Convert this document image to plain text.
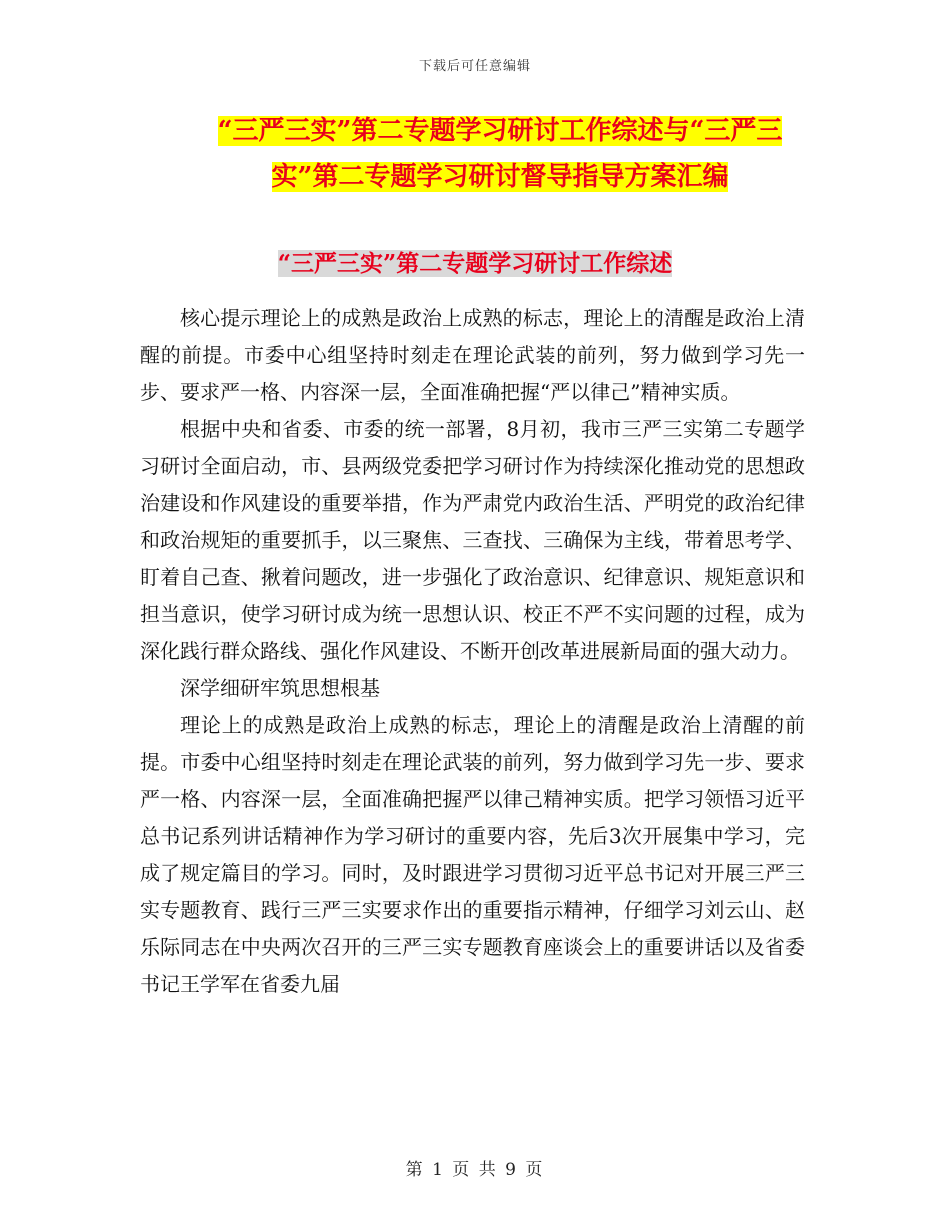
下载后可任意编辑
“三严三实”第二专题学习研讨工作综述与“三严三
实”第二专题学习研讨督导指导方案汇编
“三严三实”第二专题学习研讨工作综述

核心提示理论上的成熟是政治上成熟的标志，理论上的清醒是政治上清醒的前提。市委中心组坚持时刻走在理论武装的前列，努力做到学习先一步、要求严一格、内容深一层，全面准确把握“严以律己”精神实质。

根据中央和省委、市委的统一部署，8月初，我市三严三实第二专题学习研讨全面启动，市、县两级党委把学习研讨作为持续深化推动党的思想政治建设和作风建设的重要举措，作为严肃党内政治生活、严明党的政治纪律和政治规矩的重要抓手，以三聚焦、三查找、三确保为主线，带着思考学、盯着自己查、揪着问题改，进一步强化了政治意识、纪律意识、规矩意识和担当意识，使学习研讨成为统一思想认识、校正不严不实问题的过程，成为深化践行群众路线、强化作风建设、不断开创改革进展新局面的强大动力。

深学细研牢筑思想根基

理论上的成熟是政治上成熟的标志，理论上的清醒是政治上清醒的前提。市委中心组坚持时刻走在理论武装的前列，努力做到学习先一步、要求严一格、内容深一层，全面准确把握严以律己精神实质。把学习领悟习近平总书记系列讲话精神作为学习研讨的重要内容，先后3次开展集中学习，完成了规定篇目的学习。同时，及时跟进学习贯彻习近平总书记对开展三严三实专题教育、践行三严三实要求作出的重要指示精神，仔细学习刘云山、赵乐际同志在中央两次召开的三严三实专题教育座谈会上的重要讲话以及省委书记王学军在省委九届

第 1 页 共 9 页
